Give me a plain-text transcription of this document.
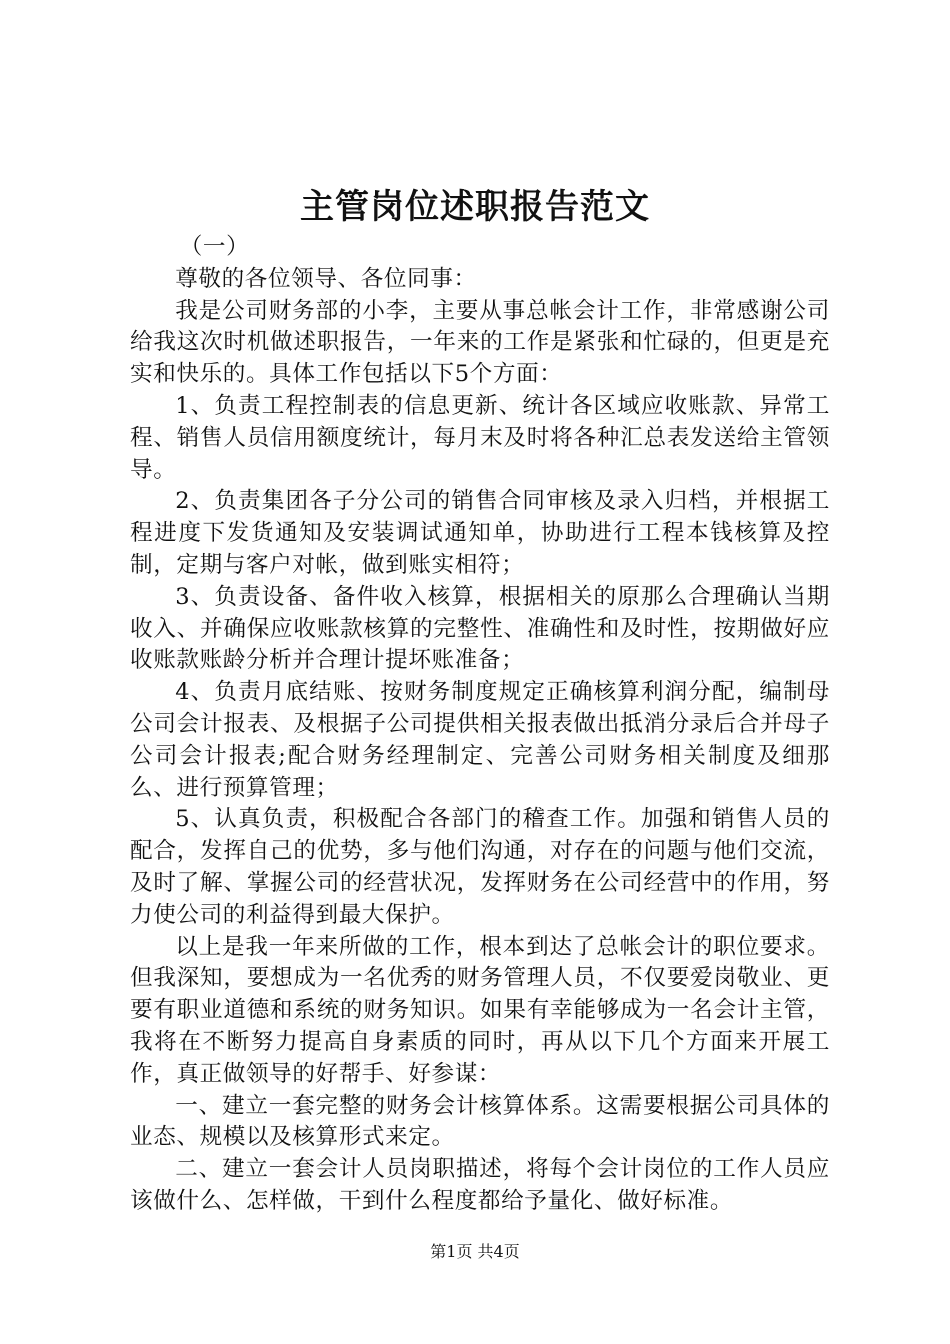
主管岗位述职报告范文

（一）

尊敬的各位领导、各位同事：

我是公司财务部的小李，主要从事总帐会计工作，非常感谢公司给我这次时机做述职报告，一年来的工作是紧张和忙碌的，但更是充实和快乐的。具体工作包括以下5个方面：

1、负责工程控制表的信息更新、统计各区域应收账款、异常工程、销售人员信用额度统计，每月末及时将各种汇总表发送给主管领导。

2、负责集团各子分公司的销售合同审核及录入归档，并根据工程进度下发货通知及安装调试通知单，协助进行工程本钱核算及控制，定期与客户对帐，做到账实相符；

3、负责设备、备件收入核算，根据相关的原那么合理确认当期收入、并确保应收账款核算的完整性、准确性和及时性，按期做好应收账款账龄分析并合理计提坏账准备；

4、负责月底结账、按财务制度规定正确核算利润分配，编制母公司会计报表、及根据子公司提供相关报表做出抵消分录后合并母子公司会计报表;配合财务经理制定、完善公司财务相关制度及细那么、进行预算管理；

5、认真负责，积极配合各部门的稽查工作。加强和销售人员的配合，发挥自己的优势，多与他们沟通，对存在的问题与他们交流，及时了解、掌握公司的经营状况，发挥财务在公司经营中的作用，努力使公司的利益得到最大保护。

以上是我一年来所做的工作，根本到达了总帐会计的职位要求。但我深知，要想成为一名优秀的财务管理人员，不仅要爱岗敬业、更要有职业道德和系统的财务知识。如果有幸能够成为一名会计主管，我将在不断努力提高自身素质的同时，再从以下几个方面来开展工作，真正做领导的好帮手、好参谋：

一、建立一套完整的财务会计核算体系。这需要根据公司具体的业态、规模以及核算形式来定。

二、建立一套会计人员岗职描述，将每个会计岗位的工作人员应该做什么、怎样做，干到什么程度都给予量化、做好标准。

第1页 共4页
